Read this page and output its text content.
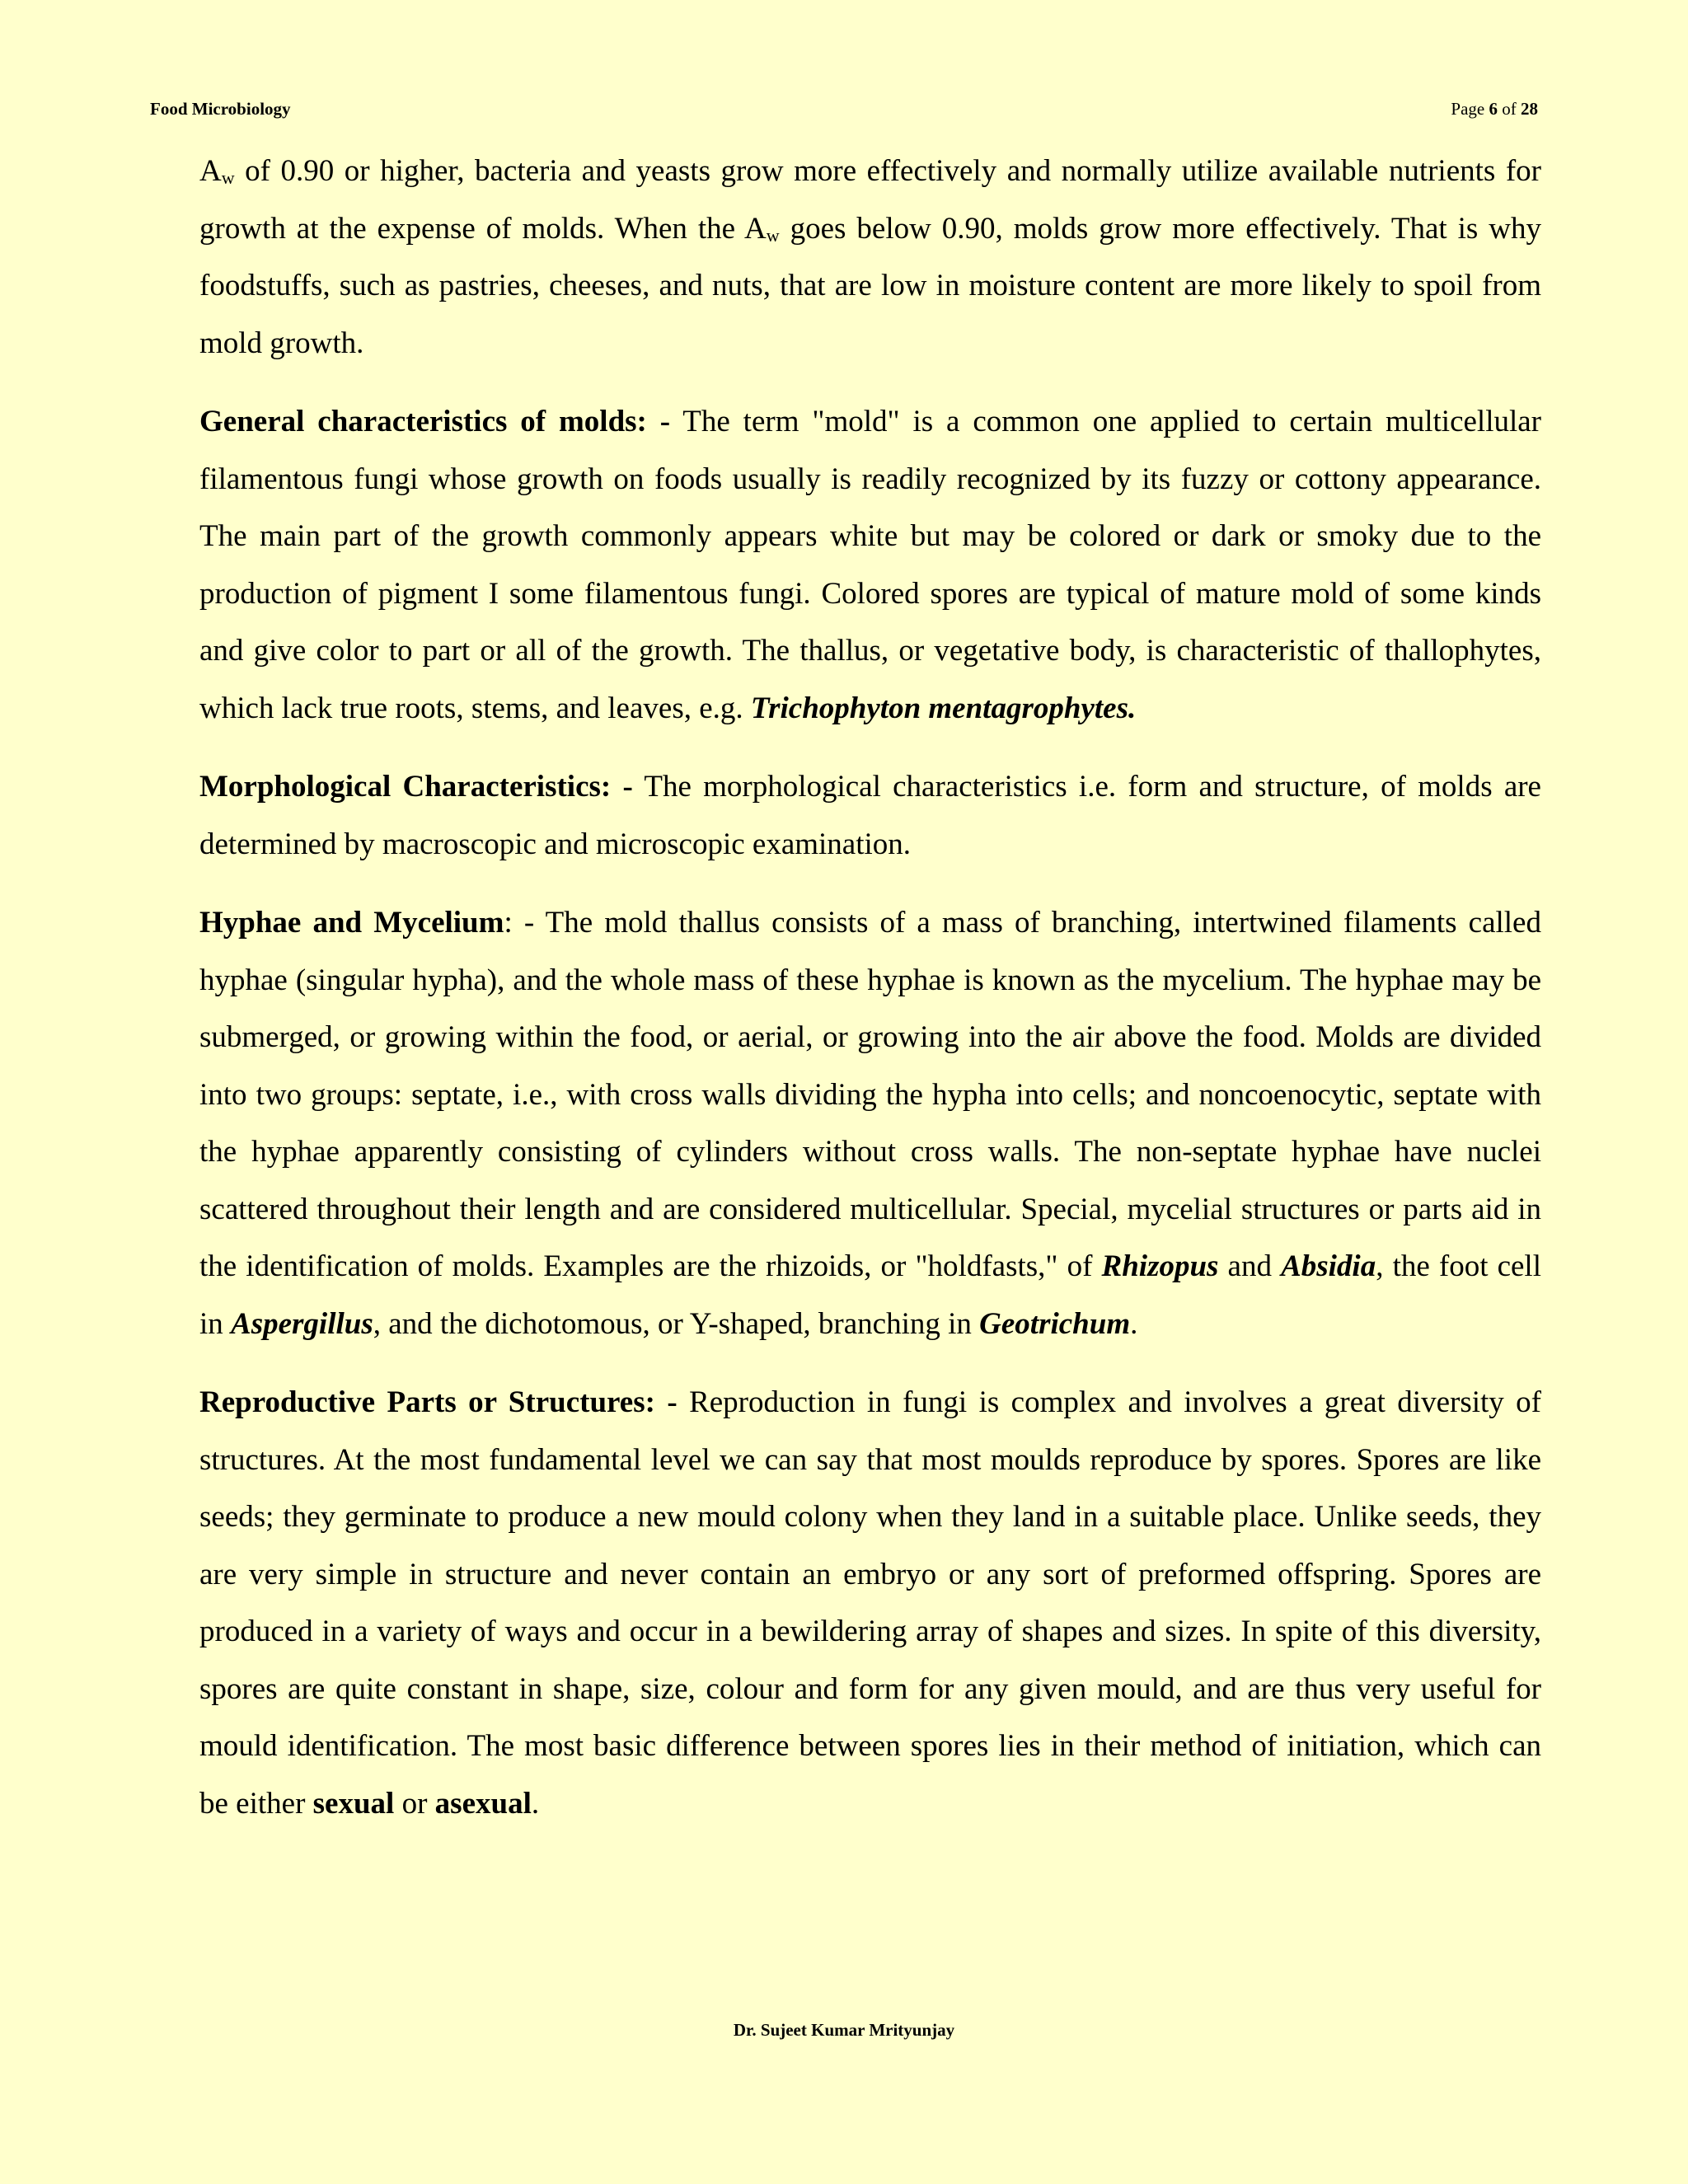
Food Microbiology	Page 6 of 28

Aw of 0.90 or higher, bacteria and yeasts grow more effectively and normally utilize available nutrients for growth at the expense of molds. When the Aw goes below 0.90, molds grow more effectively. That is why foodstuffs, such as pastries, cheeses, and nuts, that are low in moisture content are more likely to spoil from mold growth.

General characteristics of molds: - The term "mold" is a common one applied to certain multicellular filamentous fungi whose growth on foods usually is readily recognized by its fuzzy or cottony appearance. The main part of the growth commonly appears white but may be colored or dark or smoky due to the production of pigment I some filamentous fungi. Colored spores are typical of mature mold of some kinds and give color to part or all of the growth. The thallus, or vegetative body, is characteristic of thallophytes, which lack true roots, stems, and leaves, e.g. Trichophyton mentagrophytes.

Morphological Characteristics: - The morphological characteristics i.e. form and structure, of molds are determined by macroscopic and microscopic examination.

Hyphae and Mycelium: - The mold thallus consists of a mass of branching, intertwined filaments called hyphae (singular hypha), and the whole mass of these hyphae is known as the mycelium. The hyphae may be submerged, or growing within the food, or aerial, or growing into the air above the food. Molds are divided into two groups: septate, i.e., with cross walls dividing the hypha into cells; and noncoenocytic, septate with the hyphae apparently consisting of cylinders without cross walls. The non-septate hyphae have nuclei scattered throughout their length and are considered multicellular. Special, mycelial structures or parts aid in the identification of molds. Examples are the rhizoids, or "holdfasts," of Rhizopus and Absidia, the foot cell in Aspergillus, and the dichotomous, or Y-shaped, branching in Geotrichum.

Reproductive Parts or Structures: - Reproduction in fungi is complex and involves a great diversity of structures. At the most fundamental level we can say that most moulds reproduce by spores. Spores are like seeds; they germinate to produce a new mould colony when they land in a suitable place. Unlike seeds, they are very simple in structure and never contain an embryo or any sort of preformed offspring. Spores are produced in a variety of ways and occur in a bewildering array of shapes and sizes. In spite of this diversity, spores are quite constant in shape, size, colour and form for any given mould, and are thus very useful for mould identification. The most basic difference between spores lies in their method of initiation, which can be either sexual or asexual.

Dr. Sujeet Kumar Mrityunjay
